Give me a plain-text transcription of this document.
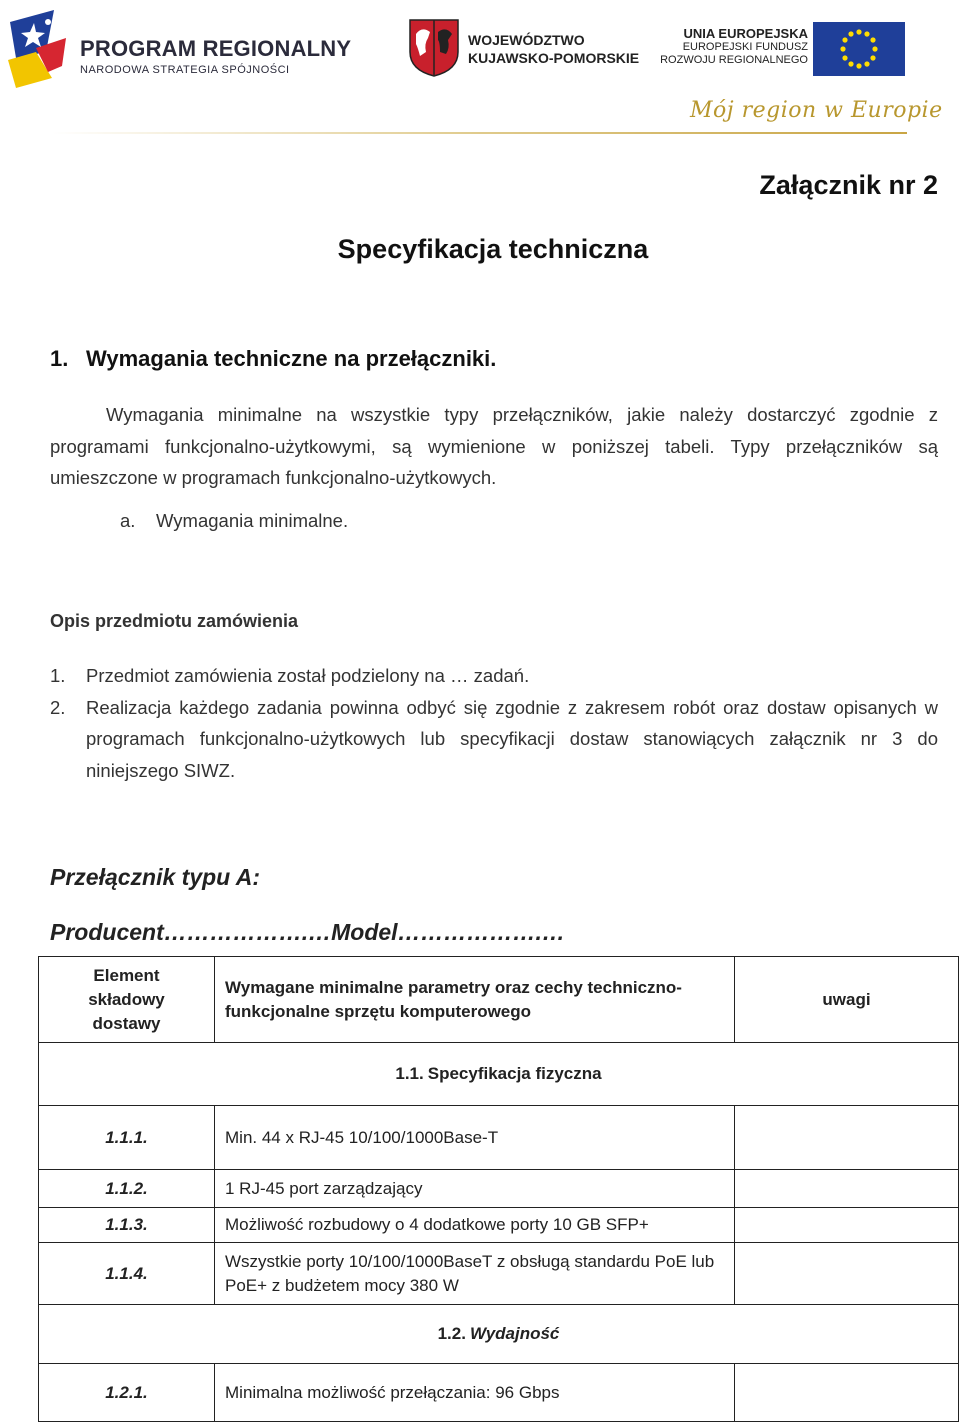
PROGRAM REGIONALNY
NARODOWA STRATEGIA SPÓJNOŚCI
WOJEWÓDZTWO
KUJAWSKO-POMORSKIE
UNIA EUROPEJSKA
EUROPEJSKI FUNDUSZ
ROZWOJU REGIONALNEGO
Mój region w Europie
Załącznik nr 2
Specyfikacja techniczna
1. Wymagania techniczne na przełączniki.
Wymagania minimalne na wszystkie typy przełączników, jakie należy dostarczyć zgodnie z programami funkcjonalno-użytkowymi, są wymienione w poniższej tabeli. Typy przełączników są umieszczone w programach funkcjonalno-użytkowych.
a. Wymagania minimalne.
Opis przedmiotu zamówienia
1. Przedmiot zamówienia został podzielony na … zadań.
2. Realizacja każdego zadania powinna odbyć się zgodnie z zakresem robót oraz dostaw opisanych w programach funkcjonalno-użytkowych lub specyfikacji dostaw stanowiących załącznik nr 3 do niniejszego SIWZ.
Przełącznik typu A:
Producent……………….…Model……………….…
Element składowy dostawy	Wymagane minimalne parametry oraz cechy techniczno-funkcjonalne sprzętu komputerowego	uwagi
1.1. Specyfikacja fizyczna		
1.1.1.	Min. 44 x RJ-45 10/100/1000Base-T	
1.1.2.	1 RJ-45 port zarządzający	
1.1.3.	Możliwość rozbudowy o 4 dodatkowe porty 10 GB SFP+	
1.1.4.	Wszystkie porty 10/100/1000BaseT z obsługą standardu PoE lub PoE+ z budżetem mocy 380 W	
1.2. Wydajność		
1.2.1.	Minimalna możliwość przełączania: 96 Gbps	
